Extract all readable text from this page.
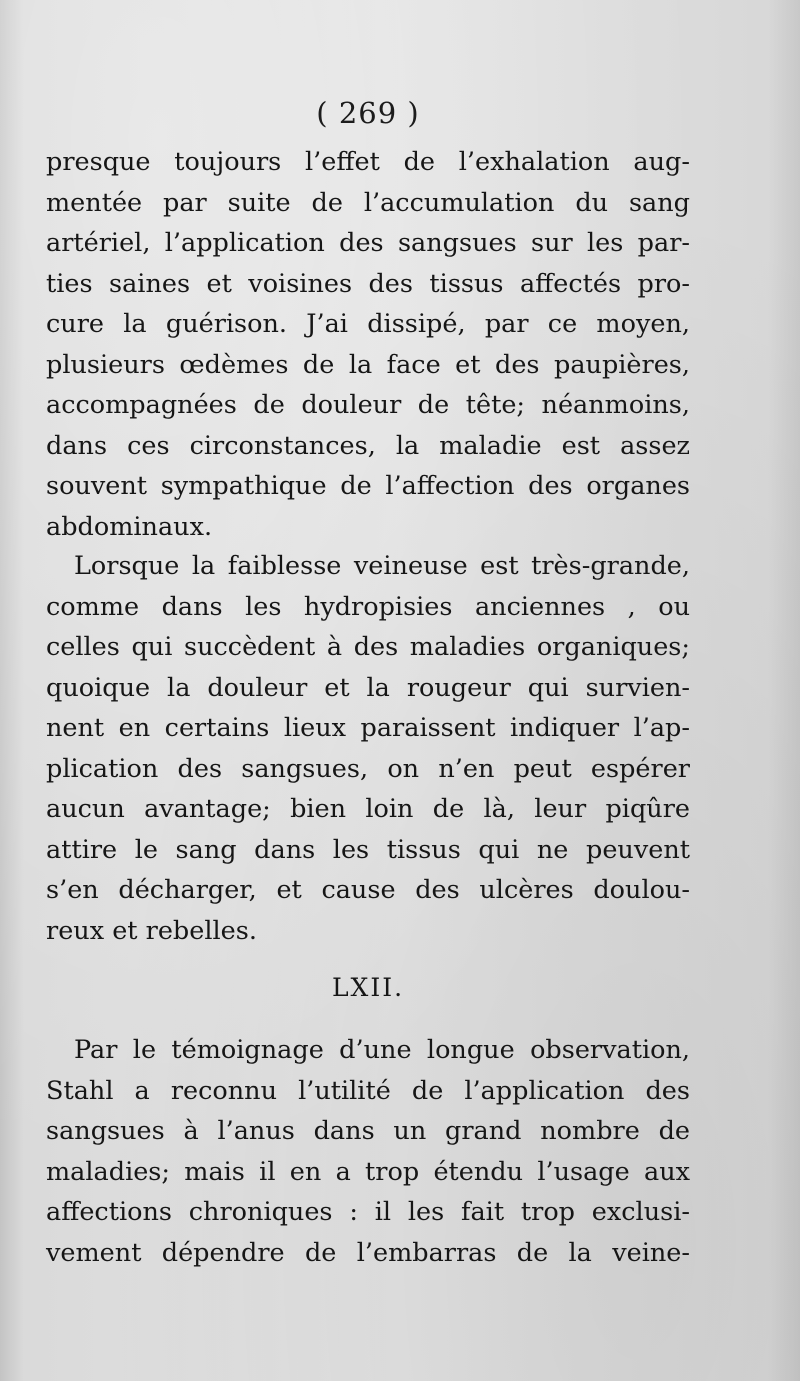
( 269 )
presque toujours l’effet de l’exhalation aug-
mentée par suite de l’accumulation du sang
artériel, l’application des sangsues sur les par-
ties saines et voisines des tissus affectés pro-
cure la guérison. J’ai dissipé, par ce moyen,
plusieurs œdèmes de la face et des paupières,
accompagnées de douleur de tête; néanmoins,
dans ces circonstances, la maladie est assez
souvent sympathique de l’affection des organes
abdominaux.
Lorsque la faiblesse veineuse est très-grande,
comme dans les hydropisies anciennes , ou
celles qui succèdent à des maladies organiques;
quoique la douleur et la rougeur qui survien-
nent en certains lieux paraissent indiquer l’ap-
plication des sangsues, on n’en peut espérer
aucun avantage; bien loin de là, leur piqûre
attire le sang dans les tissus qui ne peuvent
s’en décharger, et cause des ulcères doulou-
reux et rebelles.
LXII.
Par le témoignage d’une longue observation,
Stahl a reconnu l’utilité de l’application des
sangsues à l’anus dans un grand nombre de
maladies; mais il en a trop étendu l’usage aux
affections chroniques : il les fait trop exclusi-
vement dépendre de l’embarras de la veine-
